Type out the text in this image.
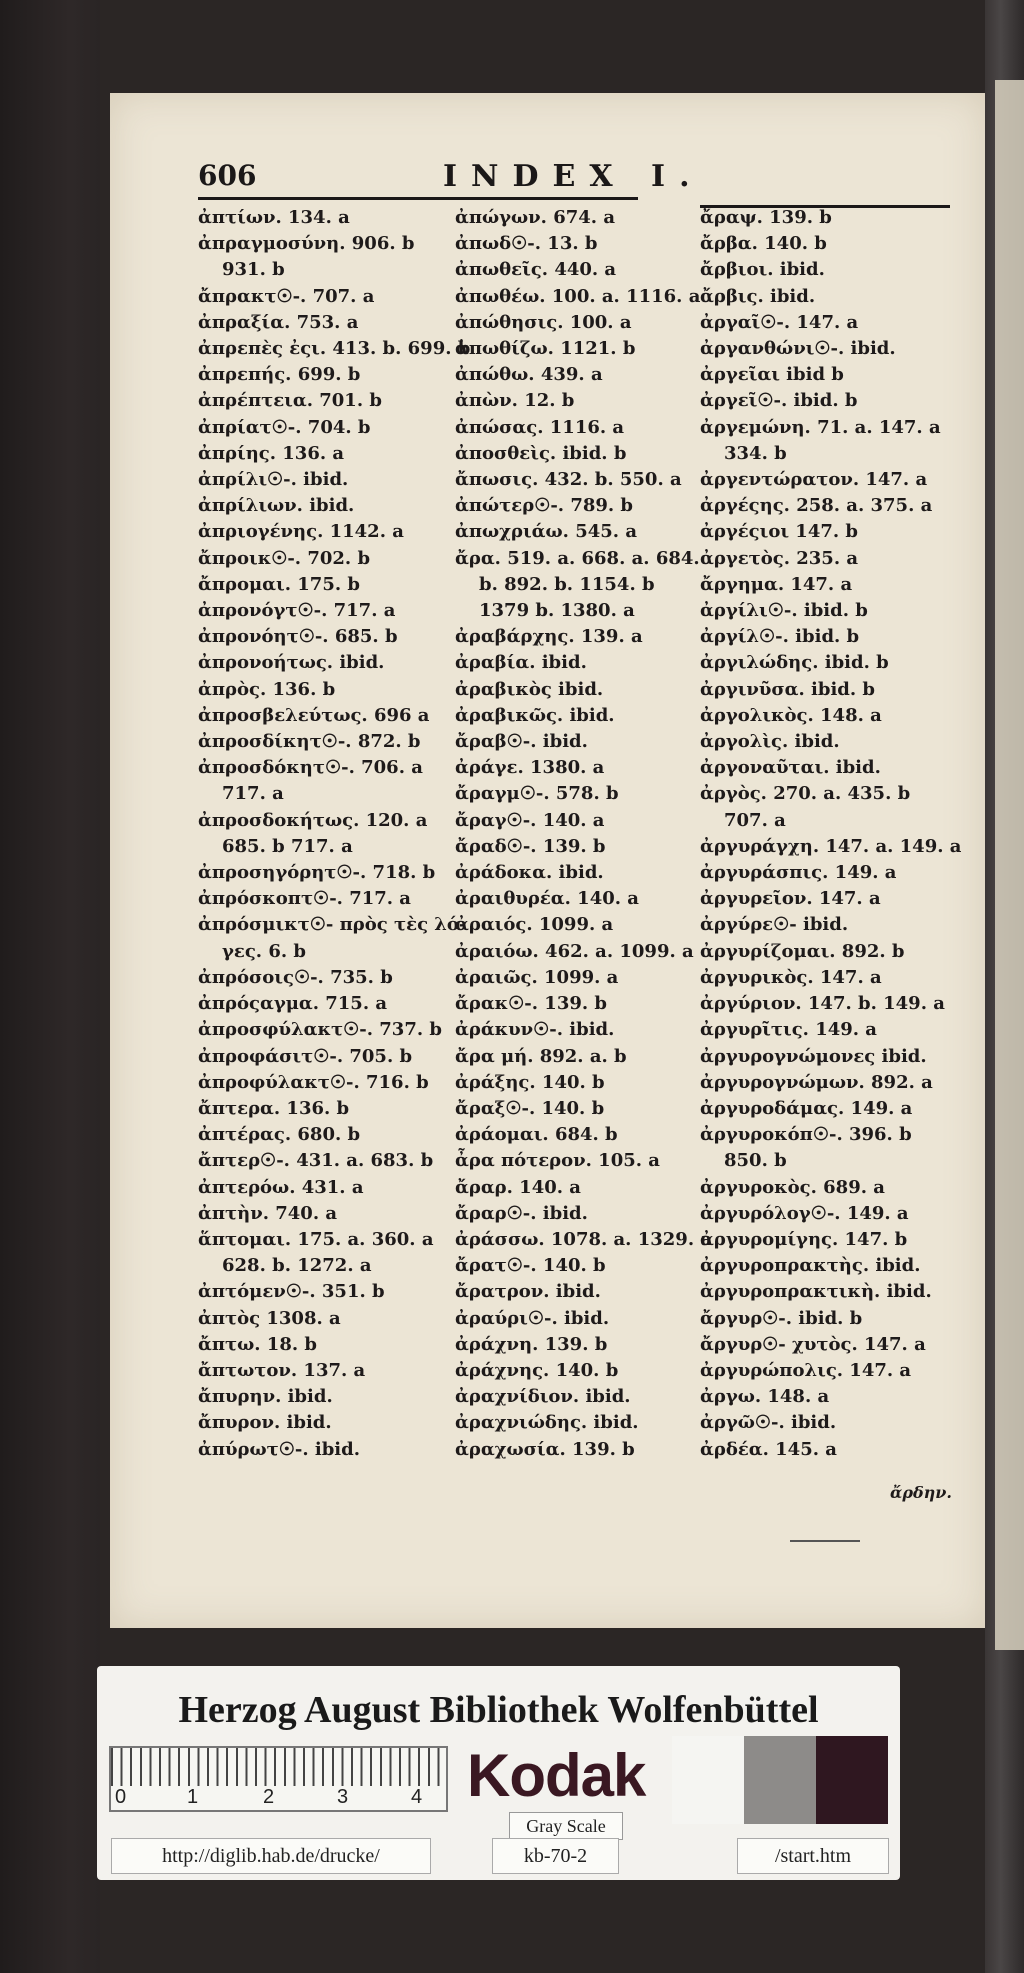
606	INDEX I.
ἀπτίων. 134. a
ἀπραγμοσύνη. 906. b
931. b
ἄπρακτ☉-. 707. a
ἀπραξία. 753. a
ἀπρεπὲς ἐςι. 413. b. 699. b
ἀπρεπής. 699. b
ἀπρέπτεια. 701. b
ἀπρίατ☉-. 704. b
ἀπρίης. 136. a
ἀπρίλι☉-. ibid.
ἀπρίλιων. ibid.
ἀπριογένης. 1142. a
ἄπροικ☉-. 702. b
ἄπρομαι. 175. b
ἀπρονόγτ☉-. 717. a
ἀπρονόητ☉-. 685. b
ἀπρονοήτως. ibid.
ἀπρὸς. 136. b
ἀπροσβελεύτως. 696 a
ἀπροσδίκητ☉-. 872. b
ἀπροσδόκητ☉-. 706. a
717. a
ἀπροσδοκήτως. 120. a
685. b 717. a
ἀπροσηγόρητ☉-. 718. b
ἀπρόσκοπτ☉-. 717. a
ἀπρόσμικτ☉- πρὸς τὲς λό-
γες. 6. b
ἀπρόσοις☉-. 735. b
ἀπρόςαγμα. 715. a
ἀπροσφύλακτ☉-. 737. b
ἀπροφάσιτ☉-. 705. b
ἀπροφύλακτ☉-. 716. b
ἄπτερα. 136. b
ἀπτέρας. 680. b
ἄπτερ☉-. 431. a. 683. b
ἀπτερόω. 431. a
ἀπτὴν. 740. a
ἅπτομαι. 175. a. 360. a
628. b. 1272. a
ἀπτόμεν☉-. 351. b
ἀπτὸς 1308. a
ἄπτω. 18. b
ἄπτωτον. 137. a
ἄπυρην. ibid.
ἄπυρον. ibid.
ἀπύρωτ☉-. ibid.
ἀπώγων. 674. a
ἀπωδ☉-. 13. b
ἀπωθεῖς. 440. a
ἀπωθέω. 100. a. 1116. a
ἀπώθησις. 100. a
ἀπωθίζω. 1121. b
ἀπώθω. 439. a
ἀπὼν. 12. b
ἀπώσας. 1116. a
ἀποσθεὶς. ibid. b
ἄπωσις. 432. b. 550. a
ἀπώτερ☉-. 789. b
ἀπωχριάω. 545. a
ἄρα. 519. a. 668. a. 684.
b. 892. b. 1154. b
1379 b. 1380. a
ἀραβάρχης. 139. a
ἀραβία. ibid.
ἀραβικὸς ibid.
ἀραβικῶς. ibid.
ἄραβ☉-. ibid.
ἀράγε. 1380. a
ἄραγμ☉-. 578. b
ἄραγ☉-. 140. a
ἄραδ☉-. 139. b
ἀράδοκα. ibid.
ἀραιθυρέα. 140. a
ἀραιός. 1099. a
ἀραιόω. 462. a. 1099. a
ἀραιῶς. 1099. a
ἄρακ☉-. 139. b
ἀράκυν☉-. ibid.
ἄρα μή. 892. a. b
ἀράξης. 140. b
ἄραξ☉-. 140. b
ἀράομαι. 684. b
ἆρα πότερον. 105. a
ἄραρ. 140. a
ἄραρ☉-. ibid.
ἀράσσω. 1078. a. 1329. a
ἄρατ☉-. 140. b
ἄρατρον. ibid.
ἀραύρι☉-. ibid.
ἀράχνη. 139. b
ἀράχνης. 140. b
ἀραχνίδιον. ibid.
ἀραχνιώδης. ibid.
ἀραχωσία. 139. b
ἄραψ. 139. b
ἄρβα. 140. b
ἄρβιοι. ibid.
ἄρβις. ibid.
ἀργαῖ☉-. 147. a
ἀργανθώνι☉-. ibid.
ἀργεῖαι ibid b
ἀργεῖ☉-. ibid. b
ἀργεμώνη. 71. a. 147. a
334. b
ἀργεντώρατον. 147. a
ἀργέςης. 258. a. 375. a
ἀργέςιοι 147. b
ἀργετὸς. 235. a
ἄργημα. 147. a
ἀργίλι☉-. ibid. b
ἀργίλ☉-. ibid. b
ἀργιλώδης. ibid. b
ἀργινῦσα. ibid. b
ἀργολικὸς. 148. a
ἀργολὶς. ibid.
ἀργοναῦται. ibid.
ἀργὸς. 270. a. 435. b
707. a
ἀργυράγχη. 147. a. 149. a
ἀργυράσπις. 149. a
ἀργυρεῖον. 147. a
ἀργύρε☉- ibid.
ἀργυρίζομαι. 892. b
ἀργυρικὸς. 147. a
ἀργύριον. 147. b. 149. a
ἀργυρῖτις. 149. a
ἀργυρογνώμονες ibid.
ἀργυρογνώμων. 892. a
ἀργυροδάμας. 149. a
ἀργυροκόπ☉-. 396. b
850. b
ἀργυροκὸς. 689. a
ἀργυρόλογ☉-. 149. a
ἀργυρομίγης. 147. b
ἀργυροπρακτὴς. ibid.
ἀργυροπρακτικὴ. ibid.
ἄργυρ☉-. ibid. b
ἄργυρ☉- χυτὸς. 147. a
ἀργυρώπολις. 147. a
ἀργω. 148. a
ἀργῶ☉-. ibid.
ἀρδέα. 145. a
ἄρδην.
Herzog August Bibliothek Wolfenbüttel
0	1	2	3	4 Kodak
Gray Scale
http://diglib.hab.de/drucke/	kb-70-2	/start.htm
